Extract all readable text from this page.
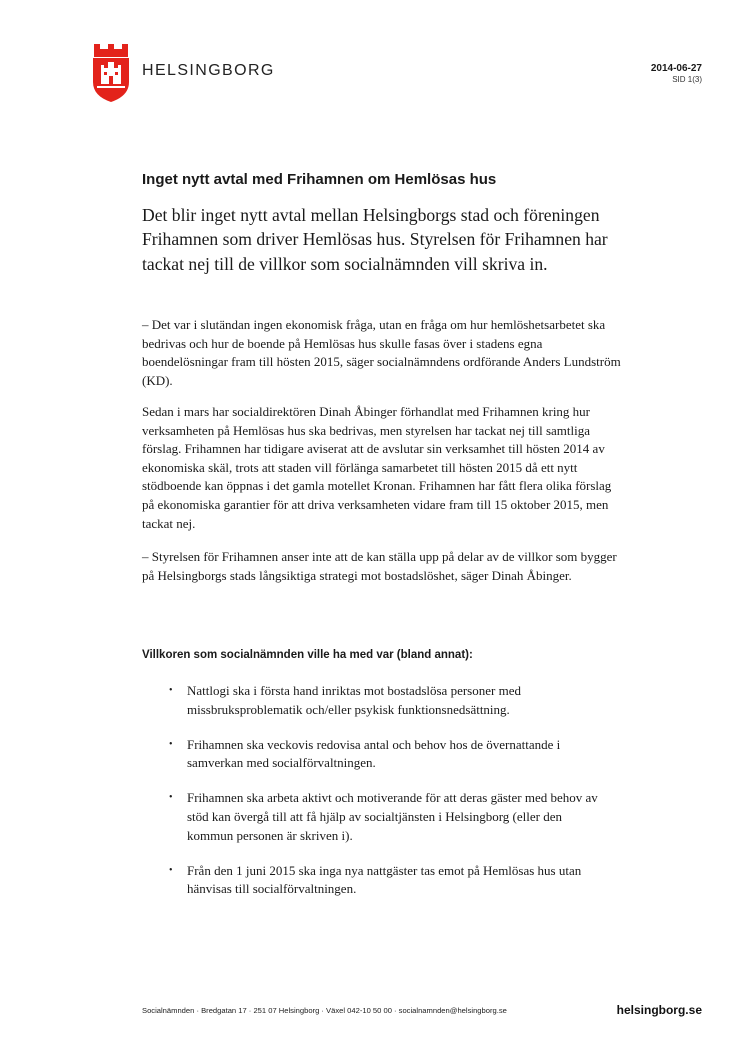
HELSINGBORG	2014-06-27
SID 1(3)
Inget nytt avtal med Frihamnen om Hemlösas hus

Det blir inget nytt avtal mellan Helsingborgs stad och föreningen Frihamnen som driver Hemlösas hus. Styrelsen för Frihamnen har tackat nej till de villkor som socialnämnden vill skriva in.

– Det var i slutändan ingen ekonomisk fråga, utan en fråga om hur hemlöshetsarbetet ska bedrivas och hur de boende på Hemlösas hus skulle fasas över i stadens egna boendelösningar fram till hösten 2015, säger socialnämndens ordförande Anders Lundström (KD).

Sedan i mars har socialdirektören Dinah Åbinger förhandlat med Frihamnen kring hur verksamheten på Hemlösas hus ska bedrivas, men styrelsen har tackat nej till samtliga förslag. Frihamnen har tidigare aviserat att de avslutar sin verksamhet till hösten 2014 av ekonomiska skäl, trots att staden vill förlänga samarbetet till hösten 2015 då ett nytt stödboende kan öppnas i det gamla motellet Kronan. Frihamnen har fått flera olika förslag på ekonomiska garantier för att driva verksamheten vidare fram till 15 oktober 2015, men tackat nej.

– Styrelsen för Frihamnen anser inte att de kan ställa upp på delar av de villkor som bygger på Helsingborgs stads långsiktiga strategi mot bostadslöshet, säger Dinah Åbinger.

Villkoren som socialnämnden ville ha med var (bland annat):
• Nattlogi ska i första hand inriktas mot bostadslösa personer med missbruksproblematik och/eller psykisk funktionsnedsättning.
• Frihamnen ska veckovis redovisa antal och behov hos de övernattande i samverkan med socialförvaltningen.
• Frihamnen ska arbeta aktivt och motiverande för att deras gäster med behov av stöd kan övergå till att få hjälp av socialtjänsten i Helsingborg (eller den kommun personen är skriven i).
• Från den 1 juni 2015 ska inga nya nattgäster tas emot på Hemlösas hus utan hänvisas till socialförvaltningen.
Socialnämnden · Bredgatan 17 · 251 07 Helsingborg · Växel 042-10 50 00 · socialnamnden@helsingborg.se	helsingborg.se
